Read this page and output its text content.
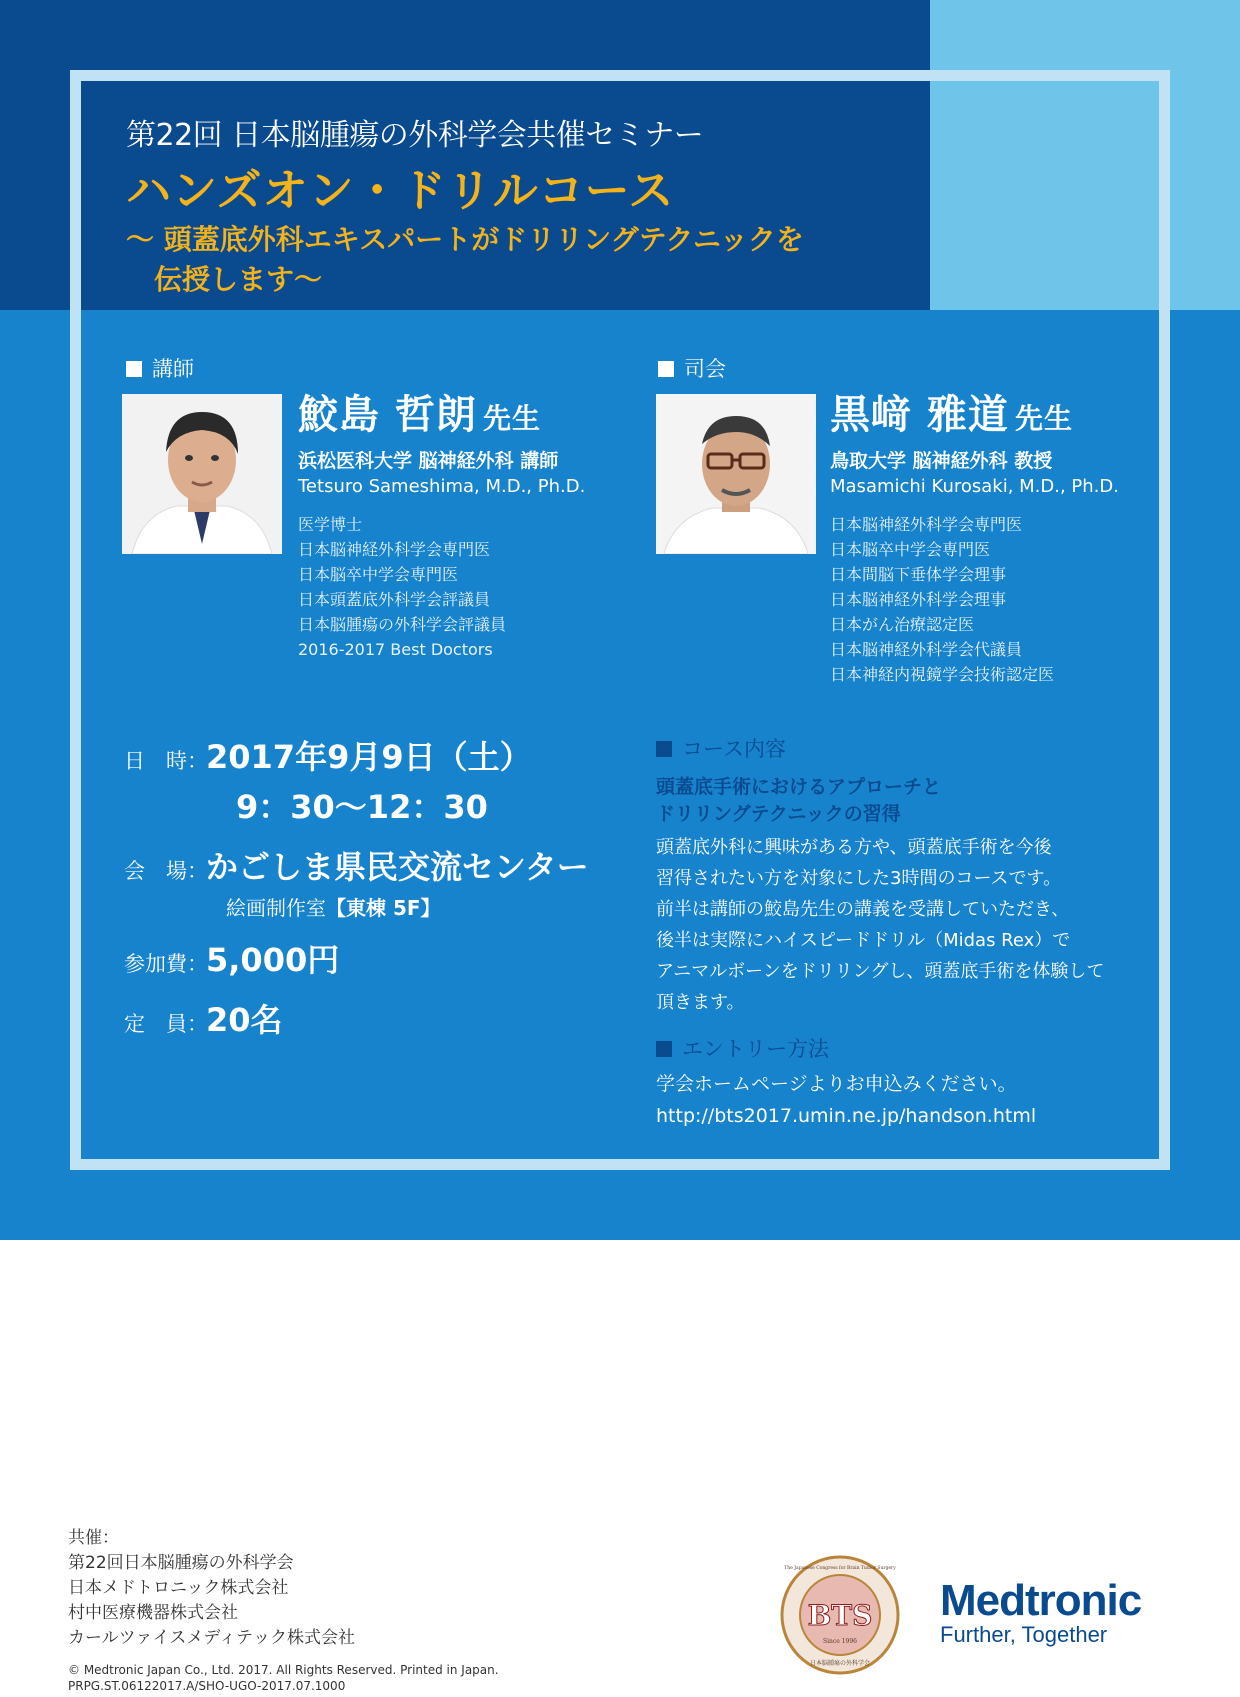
第22回 日本脳腫瘍の外科学会共催セミナー
ハンズオン・ドリルコース
〜 頭蓋底外科エキスパートがドリリングテクニックを
伝授します〜
講師
鮫島 哲朗 先生
浜松医科大学 脳神経外科 講師
Tetsuro Sameshima, M.D., Ph.D.
医学博士
日本脳神経外科学会専門医
日本脳卒中学会専門医
日本頭蓋底外科学会評議員
日本脳腫瘍の外科学会評議員
2016-2017 Best Doctors
司会
黒﨑 雅道 先生
鳥取大学 脳神経外科 教授
Masamichi Kurosaki, M.D., Ph.D.
日本脳神経外科学会専門医
日本脳卒中学会専門医
日本間脳下垂体学会理事
日本脳神経外科学会理事
日本がん治療認定医
日本脳神経外科学会代議員
日本神経内視鏡学会技術認定医
日　時：
2017年9月9日（土）
9：30〜12：30
会　場：
かごしま県民交流センター
絵画制作室【東棟 5F】
参加費：
5,000円
定　員：
20名
コース内容
頭蓋底手術におけるアプローチと
ドリリングテクニックの習得
頭蓋底外科に興味がある方や、頭蓋底手術を今後
習得されたい方を対象にした3時間のコースです。
前半は講師の鮫島先生の講義を受講していただき、
後半は実際にハイスピードドリル（Midas Rex）で
アニマルボーンをドリリングし、頭蓋底手術を体験して
頂きます。
エントリー方法
学会ホームページよりお申込みください。
http://bts2017.umin.ne.jp/handson.html
共催：
第22回日本脳腫瘍の外科学会
日本メドトロニック株式会社
村中医療機器株式会社
カールツァイスメディテック株式会社
© Medtronic Japan Co., Ltd. 2017. All Rights Reserved. Printed in Japan.
PRPG.ST.06122017.A/SHO-UGO-2017.07.1000
BTS
Since 1996
The Japanese Congress for Brain Tumor Surgery
日本脳腫瘍の外科学会
Medtronic
Further, Together
